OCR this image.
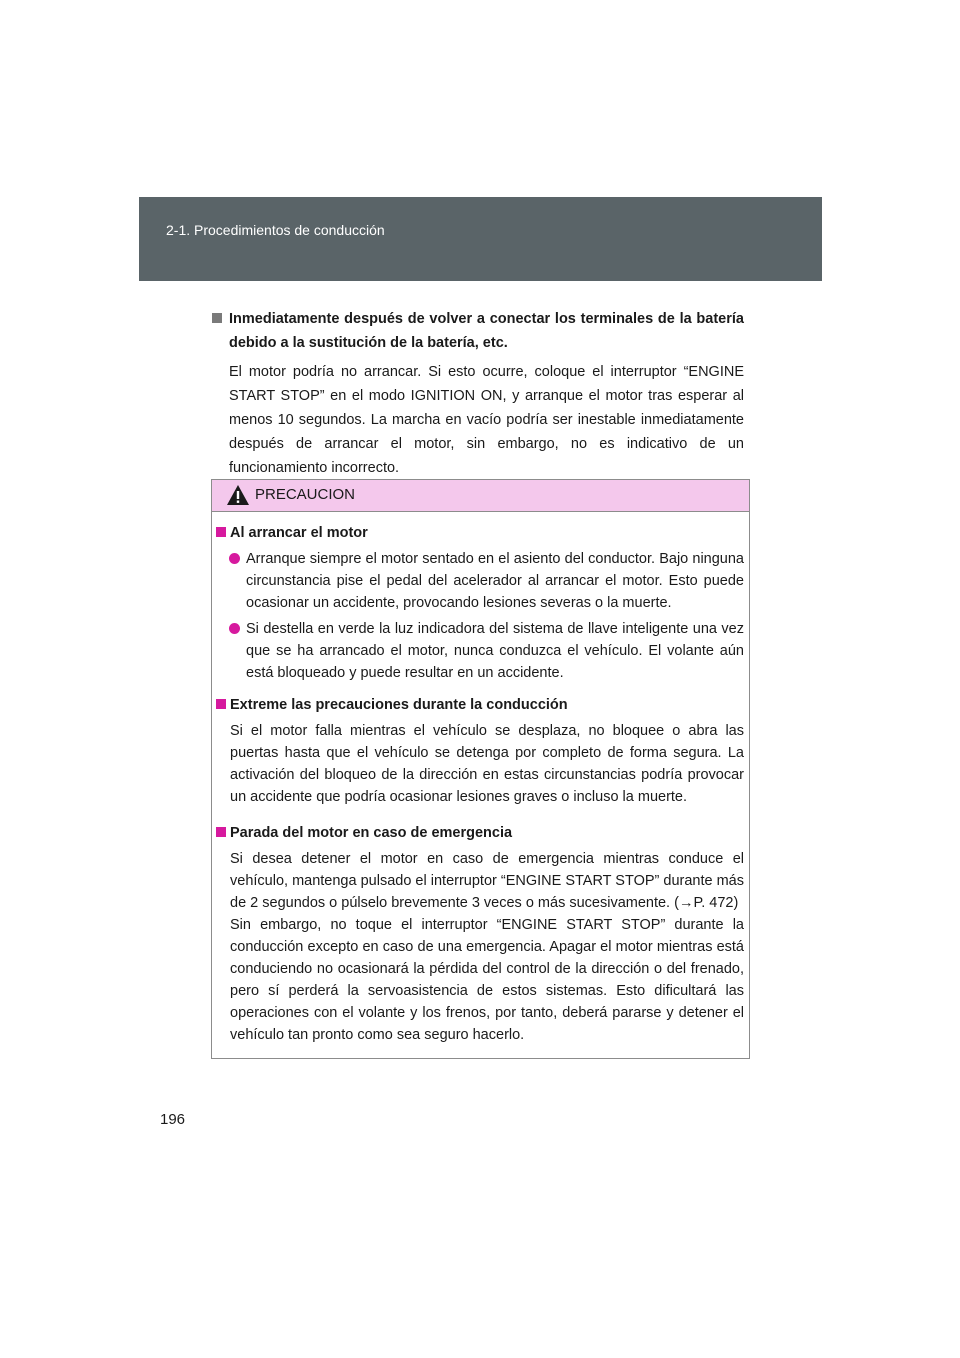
2-1. Procedimientos de conducción
Inmediatamente después de volver a conectar los terminales de la batería debido a la sustitución de la batería, etc.
El motor podría no arrancar. Si esto ocurre, coloque el interruptor “ENGINE START STOP” en el modo IGNITION ON, y arranque el motor tras esperar al menos 10 segundos. La marcha en vacío podría ser inestable inmediatamente después de arrancar el motor, sin embargo, no es indicativo de un funcionamiento incorrecto.
PRECAUCION
Al arrancar el motor
Arranque siempre el motor sentado en el asiento del conductor. Bajo ninguna circunstancia pise el pedal del acelerador al arrancar el motor. Esto puede ocasionar un accidente, provocando lesiones severas o la muerte.
Si destella en verde la luz indicadora del sistema de llave inteligente una vez que se ha arrancado el motor, nunca conduzca el vehículo. El volante aún está bloqueado y puede resultar en un accidente.
Extreme las precauciones durante la conducción
Si el motor falla mientras el vehículo se desplaza, no bloquee o abra las puertas hasta que el vehículo se detenga por completo de forma segura. La activación del bloqueo de la dirección en estas circunstancias podría provocar un accidente que podría ocasionar lesiones graves o incluso la muerte.
Parada del motor en caso de emergencia
Si desea detener el motor en caso de emergencia mientras conduce el vehículo, mantenga pulsado el interruptor “ENGINE START STOP” durante más de 2 segundos o púlselo brevemente 3 veces o más sucesivamente. (→P. 472)
Sin embargo, no toque el interruptor “ENGINE START STOP” durante la conducción excepto en caso de una emergencia. Apagar el motor mientras está conduciendo no ocasionará la pérdida del control de la dirección o del frenado, pero sí perderá la servoasistencia de estos sistemas. Esto dificultará las operaciones con el volante y los frenos, por tanto, deberá pararse y detener el vehículo tan pronto como sea seguro hacerlo.
196
